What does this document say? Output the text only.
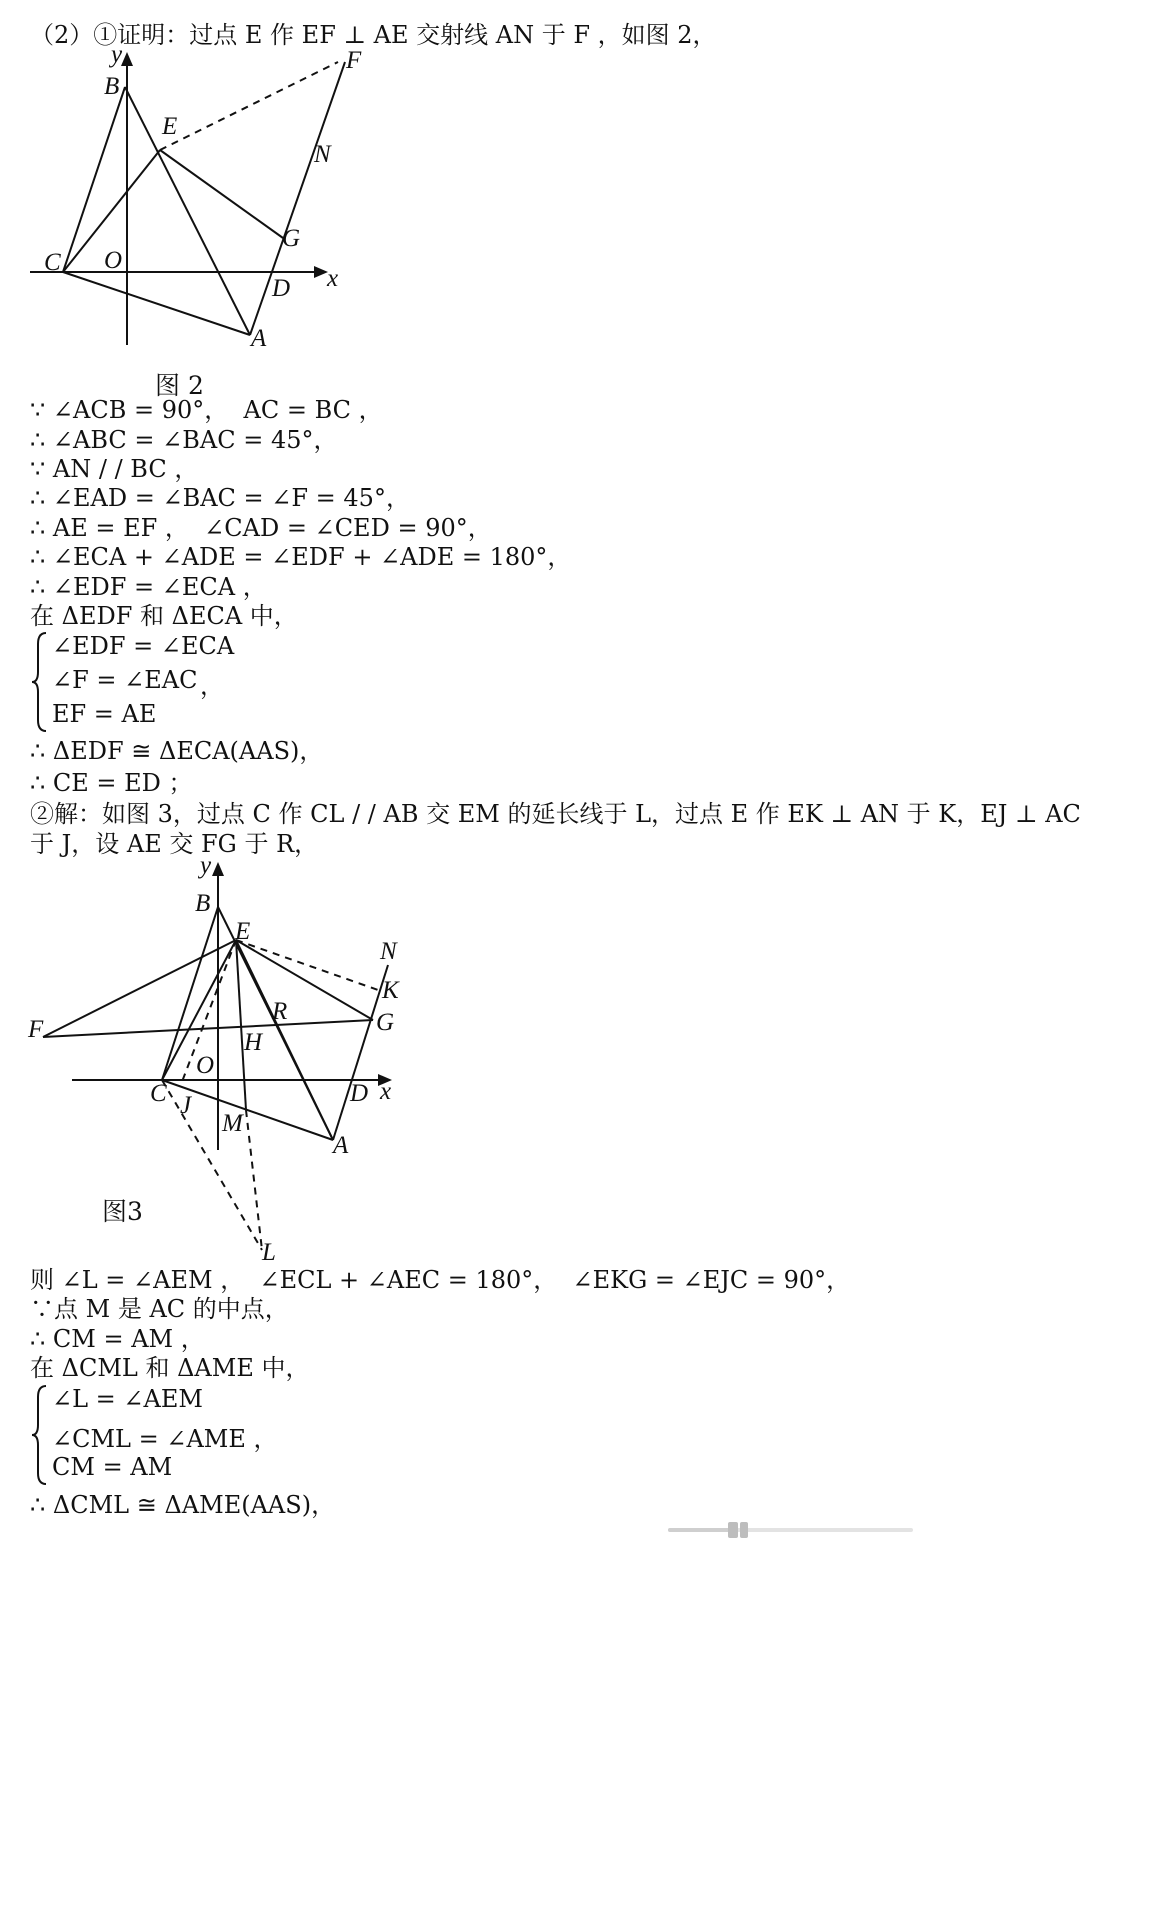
（2）①证明：过点 E 作 EF ⊥ AE 交射线 AN 于 F ，如图 2，
B
y
E
F
N
G
C O
D x
A
图 2
∵ ∠ACB = 90°，  AC = BC ，
∴ ∠ABC = ∠BAC = 45°，
∵ AN / / BC ，
∴ ∠EAD = ∠BAC = ∠F = 45°，
∴ AE = EF ，  ∠CAD = ∠CED = 90°，
∴ ∠ECA + ∠ADE = ∠EDF + ∠ADE = 180°，
∴ ∠EDF = ∠ECA ，
在 ΔEDF 和 ΔECA 中，
∠EDF = ∠ECA
∠F = ∠EAC ，
EF = AE
∴ ΔEDF ≅ ΔECA(AAS)，
∴ CE = ED ；
②解：如图 3，过点 C 作 CL / / AB 交 EM 的延长线于 L，过点 E 作 EK ⊥ AN 于 K，EJ ⊥ AC
于 J，设 AE 交 FG 于 R，
y
B
E
N
K
R	G
F	H
O
C J
M
D x
A
L
图3
则 ∠L = ∠AEM ，  ∠ECL + ∠AEC = 180°，  ∠EKG = ∠EJC = 90°，
∵点 M 是 AC 的中点，
∴ CM = AM ，
在 ΔCML 和 ΔAME 中，
∠L = ∠AEM
∠CML = ∠AME ，
CM = AM
∴ ΔCML ≅ ΔAME(AAS)，
